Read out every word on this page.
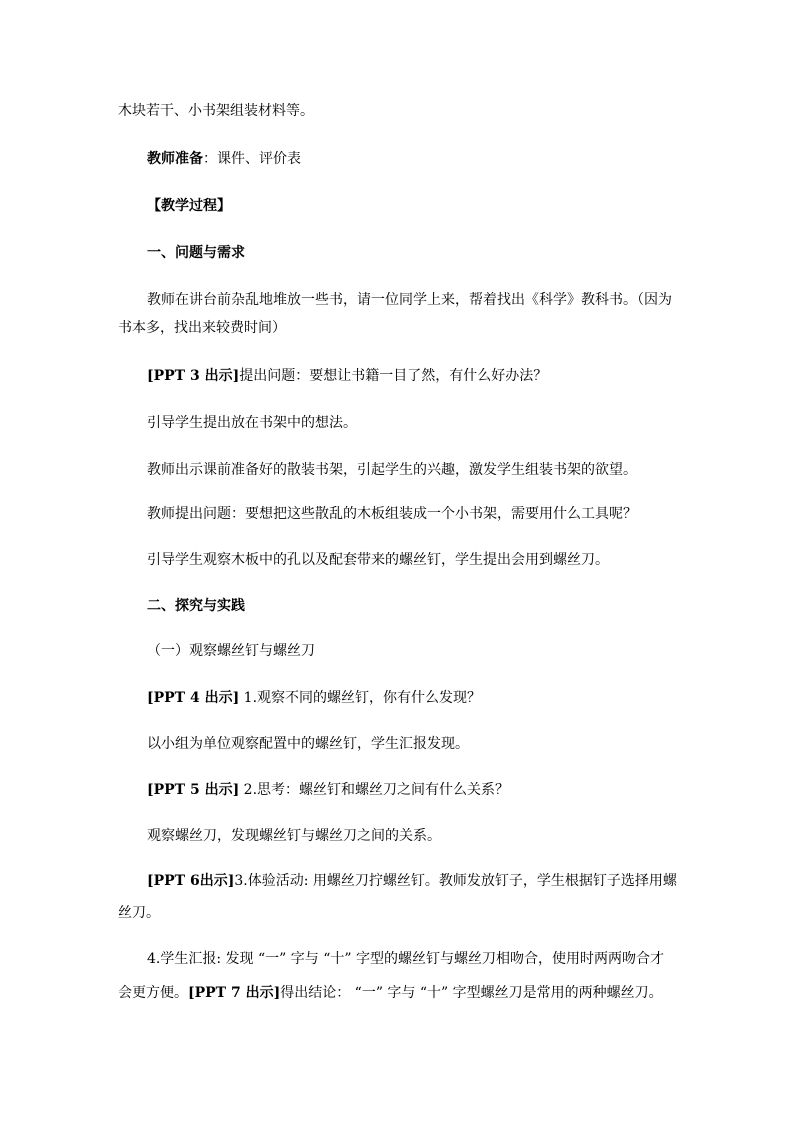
木块若干、小书架组装材料等。
教师准备：课件、评价表
【教学过程】
一、问题与需求
教师在讲台前杂乱地堆放一些书，请一位同学上来，帮着找出《科学》教科书。（因为
书本多，找出来较费时间）
[PPT 3 出示]提出问题：要想让书籍一目了然，有什么好办法？
引导学生提出放在书架中的想法。
教师出示课前准备好的散装书架，引起学生的兴趣，激发学生组装书架的欲望。
教师提出问题：要想把这些散乱的木板组装成一个小书架，需要用什么工具呢？
引导学生观察木板中的孔以及配套带来的螺丝钉，学生提出会用到螺丝刀。
二、探究与实践
（一）观察螺丝钉与螺丝刀
[PPT 4 出示] 1.观察不同的螺丝钉，你有什么发现？
以小组为单位观察配置中的螺丝钉，学生汇报发现。
[PPT 5 出示] 2.思考：螺丝钉和螺丝刀之间有什么关系？
观察螺丝刀，发现螺丝钉与螺丝刀之间的关系。
[PPT 6出示]3.体验活动: 用螺丝刀拧螺丝钉。教师发放钉子，学生根据钉子选择用螺
丝刀。
4.学生汇报: 发现 “一” 字与 “十” 字型的螺丝钉与螺丝刀相吻合，使用时两两吻合才
会更方便。[PPT 7 出示]得出结论： “一” 字与 “十” 字型螺丝刀是常用的两种螺丝刀。
